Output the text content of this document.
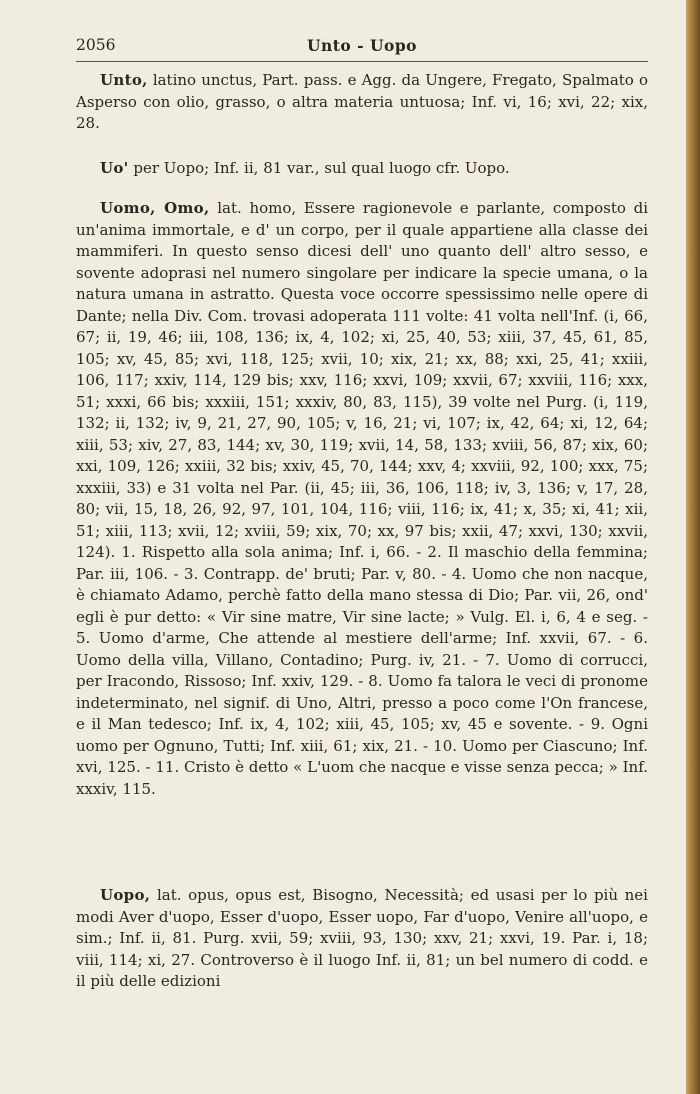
2056	Unto - Uopo

Unto, latino unctus, Part. pass. e Agg. da Ungere, Fregato, Spalmato o Asperso con olio, grasso, o altra materia untuosa; Inf. vi, 16; xvi, 22; xix, 28.

Uo' per Uopo; Inf. ii, 81 var., sul qual luogo cfr. Uopo.

Uomo, Omo, lat. homo, Essere ragionevole e parlante, composto di un'anima immortale, e d' un corpo, per il quale appartiene alla classe dei mammiferi. In questo senso dicesi dell' uno quanto dell' altro sesso, e sovente adoprasi nel numero singolare per indicare la specie umana, o la natura umana in astratto. Questa voce occorre spessissimo nelle opere di Dante; nella Div. Com. trovasi adoperata 111 volte: 41 volta nell'Inf. (i, 66, 67; ii, 19, 46; iii, 108, 136; ix, 4, 102; xi, 25, 40, 53; xiii, 37, 45, 61, 85, 105; xv, 45, 85; xvi, 118, 125; xvii, 10; xix, 21; xx, 88; xxi, 25, 41; xxiii, 106, 117; xxiv, 114, 129 bis; xxv, 116; xxvi, 109; xxvii, 67; xxviii, 116; xxx, 51; xxxi, 66 bis; xxxiii, 151; xxxiv, 80, 83, 115), 39 volte nel Purg. (i, 119, 132; ii, 132; iv, 9, 21, 27, 90, 105; v, 16, 21; vi, 107; ix, 42, 64; xi, 12, 64; xiii, 53; xiv, 27, 83, 144; xv, 30, 119; xvii, 14, 58, 133; xviii, 56, 87; xix, 60; xxi, 109, 126; xxiii, 32 bis; xxiv, 45, 70, 144; xxv, 4; xxviii, 92, 100; xxx, 75; xxxiii, 33) e 31 volta nel Par. (ii, 45; iii, 36, 106, 118; iv, 3, 136; v, 17, 28, 80; vii, 15, 18, 26, 92, 97, 101, 104, 116; viii, 116; ix, 41; x, 35; xi, 41; xii, 51; xiii, 113; xvii, 12; xviii, 59; xix, 70; xx, 97 bis; xxii, 47; xxvi, 130; xxvii, 124). 1. Rispetto alla sola anima; Inf. i, 66. - 2. Il maschio della femmina; Par. iii, 106. - 3. Contrapp. de' bruti; Par. v, 80. - 4. Uomo che non nacque, è chiamato Adamo, perchè fatto della mano stessa di Dio; Par. vii, 26, ond' egli è pur detto: « Vir sine matre, Vir sine lacte; » Vulg. El. i, 6, 4 e seg. - 5. Uomo d'arme, Che attende al mestiere dell'arme; Inf. xxvii, 67. - 6. Uomo della villa, Villano, Contadino; Purg. iv, 21. - 7. Uomo di corrucci, per Iracondo, Rissoso; Inf. xxiv, 129. - 8. Uomo fa talora le veci di pronome indeterminato, nel signif. di Uno, Altri, presso a poco come l'On francese, e il Man tedesco; Inf. ix, 4, 102; xiii, 45, 105; xv, 45 e sovente. - 9. Ogni uomo per Ognuno, Tutti; Inf. xiii, 61; xix, 21. - 10. Uomo per Ciascuno; Inf. xvi, 125. - 11. Cristo è detto « L'uom che nacque e visse senza pecca; » Inf. xxxiv, 115.

Uopo, lat. opus, opus est, Bisogno, Necessità; ed usasi per lo più nei modi Aver d'uopo, Esser d'uopo, Esser uopo, Far d'uopo, Venire all'uopo, e sim.; Inf. ii, 81. Purg. xvii, 59; xviii, 93, 130; xxv, 21; xxvi, 19. Par. i, 18; viii, 114; xi, 27. Controverso è il luogo Inf. ii, 81; un bel numero di codd. e il più delle edizioni
